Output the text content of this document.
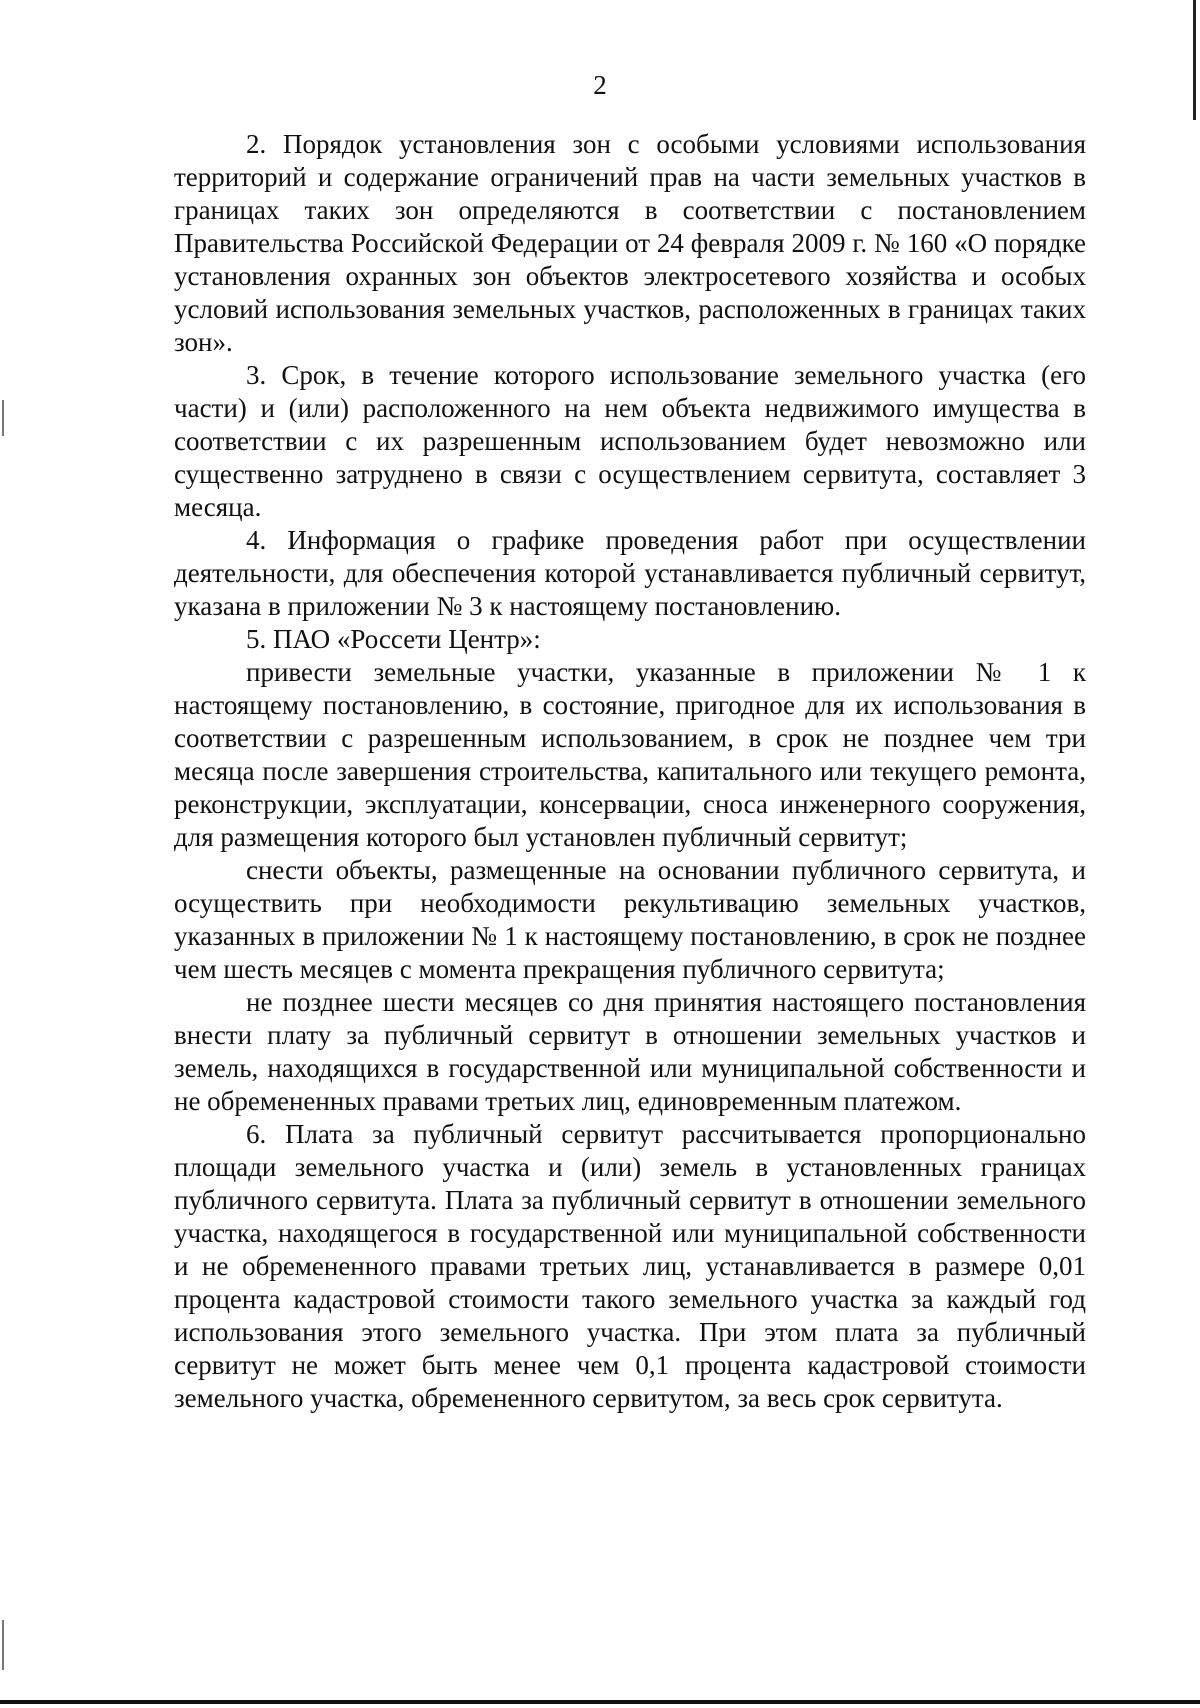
2

2. Порядок установления зон с особыми условиями использования территорий и содержание ограничений прав на части земельных участков в границах таких зон определяются в соответствии с постановлением Правительства Российской Федерации от 24 февраля 2009 г. № 160 «О порядке установления охранных зон объектов электросетевого хозяйства и особых условий использования земельных участков, расположенных в границах таких зон».

3. Срок, в течение которого использование земельного участка (его части) и (или) расположенного на нем объекта недвижимого имущества в соответствии с их разрешенным использованием будет невозможно или существенно затруднено в связи с осуществлением сервитута, составляет 3 месяца.

4. Информация о графике проведения работ при осуществлении деятельности, для обеспечения которой устанавливается публичный сервитут, указана в приложении № 3 к настоящему постановлению.

5. ПАО «Россети Центр»:

привести земельные участки, указанные в приложении № 1 к настоящему постановлению, в состояние, пригодное для их использования в соответствии с разрешенным использованием, в срок не позднее чем три месяца после завершения строительства, капитального или текущего ремонта, реконструкции, эксплуатации, консервации, сноса инженерного сооружения, для размещения которого был установлен публичный сервитут;

снести объекты, размещенные на основании публичного сервитута, и осуществить при необходимости рекультивацию земельных участков, указанных в приложении № 1 к настоящему постановлению, в срок не позднее чем шесть месяцев с момента прекращения публичного сервитута;

не позднее шести месяцев со дня принятия настоящего постановления внести плату за публичный сервитут в отношении земельных участков и земель, находящихся в государственной или муниципальной собственности и не обремененных правами третьих лиц, единовременным платежом.

6. Плата за публичный сервитут рассчитывается пропорционально площади земельного участка и (или) земель в установленных границах публичного сервитута. Плата за публичный сервитут в отношении земельного участка, находящегося в государственной или муниципальной собственности и не обремененного правами третьих лиц, устанавливается в размере 0,01 процента кадастровой стоимости такого земельного участка за каждый год использования этого земельного участка. При этом плата за публичный сервитут не может быть менее чем 0,1 процента кадастровой стоимости земельного участка, обремененного сервитутом, за весь срок сервитута.
